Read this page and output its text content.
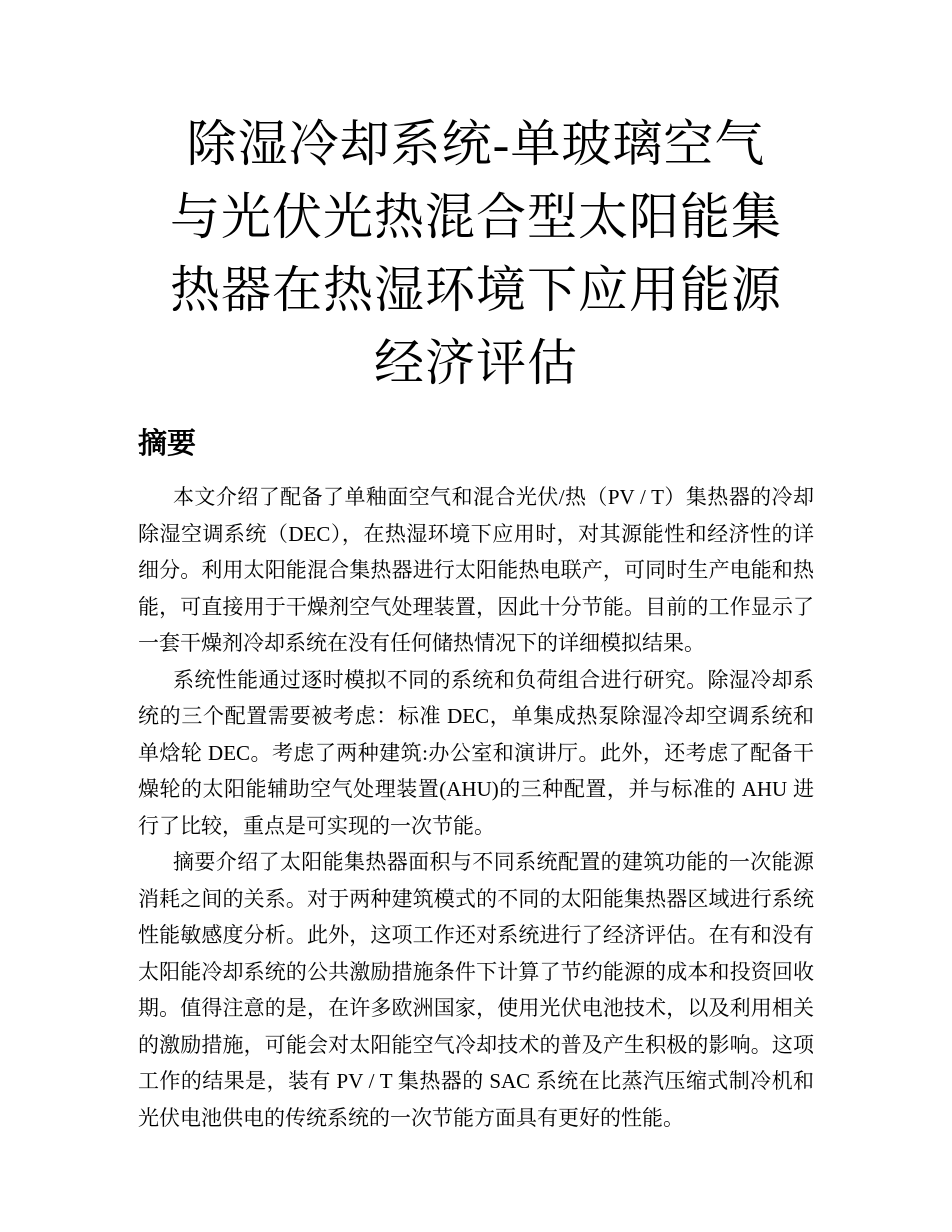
除湿冷却系统-单玻璃空气
与光伏光热混合型太阳能集
热器在热湿环境下应用能源
经济评估
摘要

本文介绍了配备了单釉面空气和混合光伏/热（PV / T）集热器的冷却除湿空调系统（DEC），在热湿环境下应用时，对其源能性和经济性的详细分。利用太阳能混合集热器进行太阳能热电联产，可同时生产电能和热能，可直接用于干燥剂空气处理装置，因此十分节能。目前的工作显示了一套干燥剂冷却系统在没有任何储热情况下的详细模拟结果。

系统性能通过逐时模拟不同的系统和负荷组合进行研究。除湿冷却系统的三个配置需要被考虑：标准 DEC，单集成热泵除湿冷却空调系统和单焓轮 DEC。考虑了两种建筑:办公室和演讲厅。此外，还考虑了配备干燥轮的太阳能辅助空气处理装置(AHU)的三种配置，并与标准的 AHU 进行了比较，重点是可实现的一次节能。

摘要介绍了太阳能集热器面积与不同系统配置的建筑功能的一次能源消耗之间的关系。对于两种建筑模式的不同的太阳能集热器区域进行系统性能敏感度分析。此外，这项工作还对系统进行了经济评估。在有和没有太阳能冷却系统的公共激励措施条件下计算了节约能源的成本和投资回收期。值得注意的是，在许多欧洲国家，使用光伏电池技术，以及利用相关的激励措施，可能会对太阳能空气冷却技术的普及产生积极的影响。这项工作的结果是，装有 PV / T 集热器的 SAC 系统在比蒸汽压缩式制冷机和光伏电池供电的传统系统的一次节能方面具有更好的性能。
